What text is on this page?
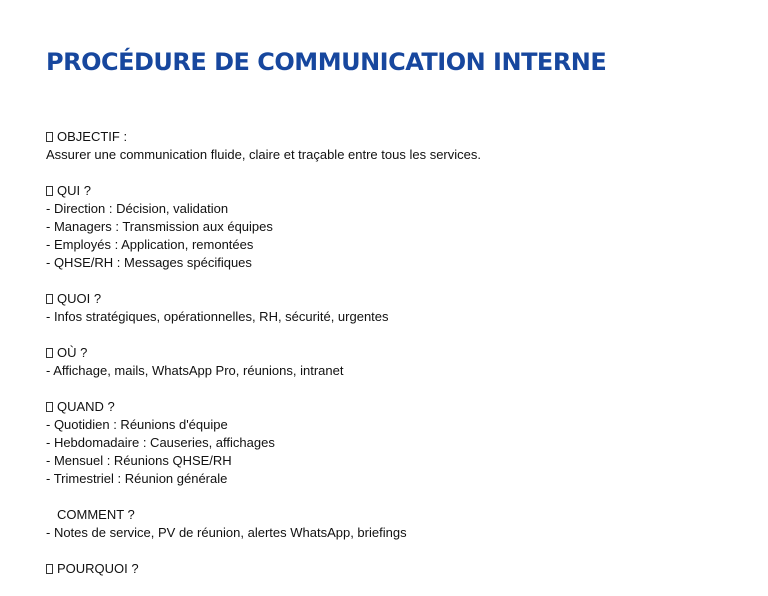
PROCÉDURE DE COMMUNICATION INTERNE
OBJECTIF :
Assurer une communication fluide, claire et traçable entre tous les services.
QUI ?
- Direction : Décision, validation
- Managers : Transmission aux équipes
- Employés : Application, remontées
- QHSE/RH : Messages spécifiques
QUOI ?
- Infos stratégiques, opérationnelles, RH, sécurité, urgentes
OÙ ?
- Affichage, mails, WhatsApp Pro, réunions, intranet
QUAND ?
- Quotidien : Réunions d'équipe
- Hebdomadaire : Causeries, affichages
- Mensuel : Réunions QHSE/RH
- Trimestriel : Réunion générale
COMMENT ?
- Notes de service, PV de réunion, alertes WhatsApp, briefings
POURQUOI ?
